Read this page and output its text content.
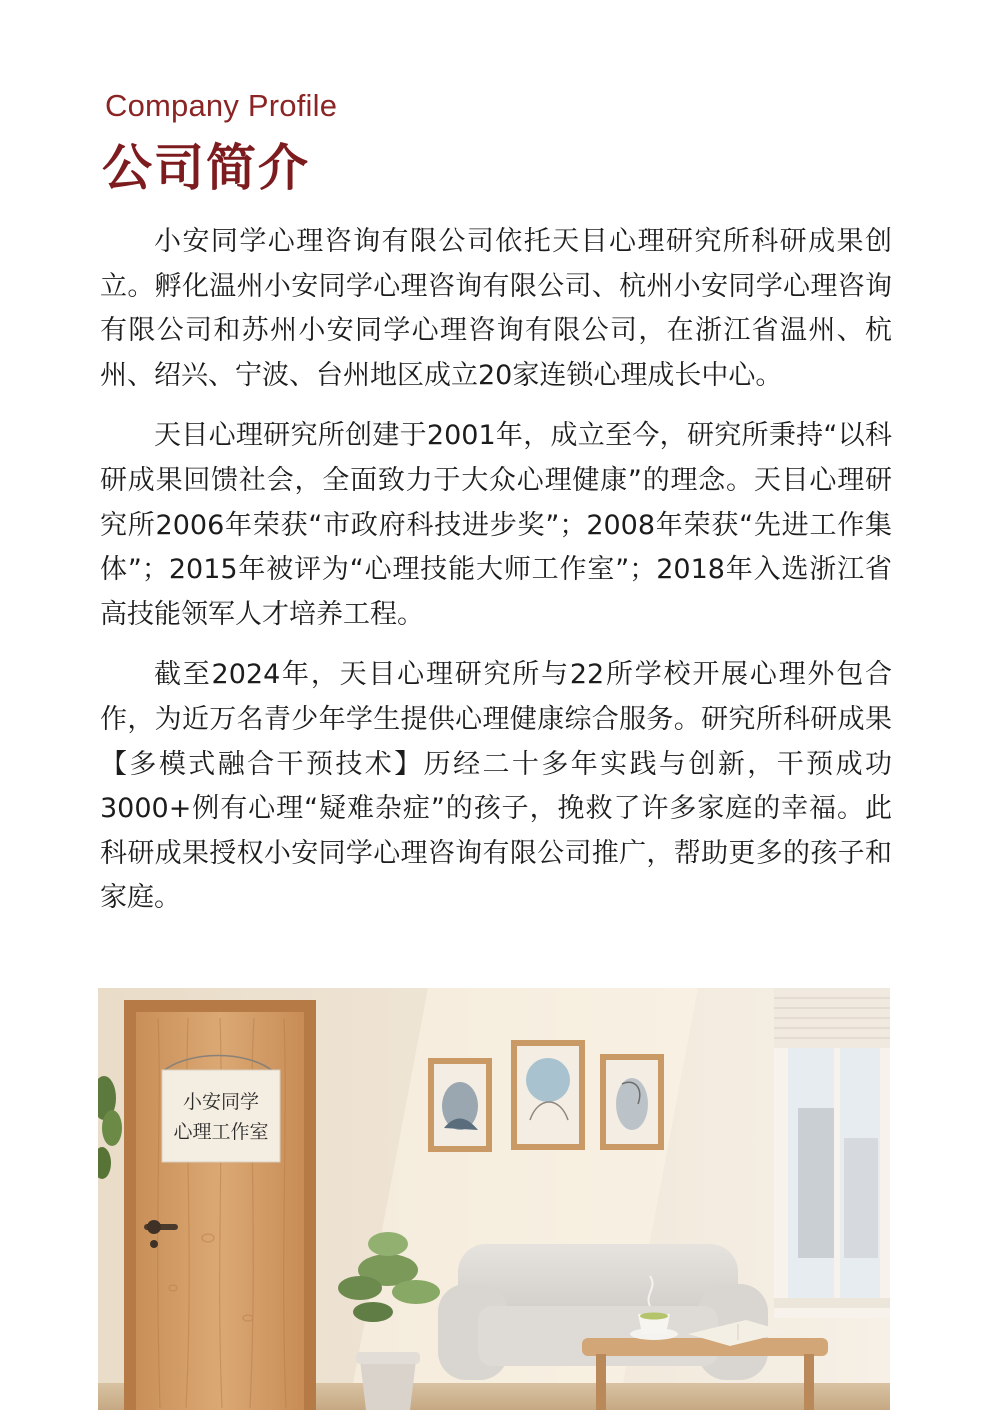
Company Profile
公司简介

小安同学心理咨询有限公司依托天目心理研究所科研成果创立。孵化温州小安同学心理咨询有限公司、杭州小安同学心理咨询有限公司和苏州小安同学心理咨询有限公司，在浙江省温州、杭州、绍兴、宁波、台州地区成立20家连锁心理成长中心。

天目心理研究所创建于2001年，成立至今，研究所秉持“以科研成果回馈社会，全面致力于大众心理健康”的理念。天目心理研究所2006年荣获“市政府科技进步奖”；2008年荣获“先进工作集体”；2015年被评为“心理技能大师工作室”；2018年入选浙江省高技能领军人才培养工程。

截至2024年，天目心理研究所与22所学校开展心理外包合作，为近万名青少年学生提供心理健康综合服务。研究所科研成果【多模式融合干预技术】历经二十多年实践与创新，干预成功3000+例有心理“疑难杂症”的孩子，挽救了许多家庭的幸福。此科研成果授权小安同学心理咨询有限公司推广，帮助更多的孩子和家庭。

小安同学
心理工作室
